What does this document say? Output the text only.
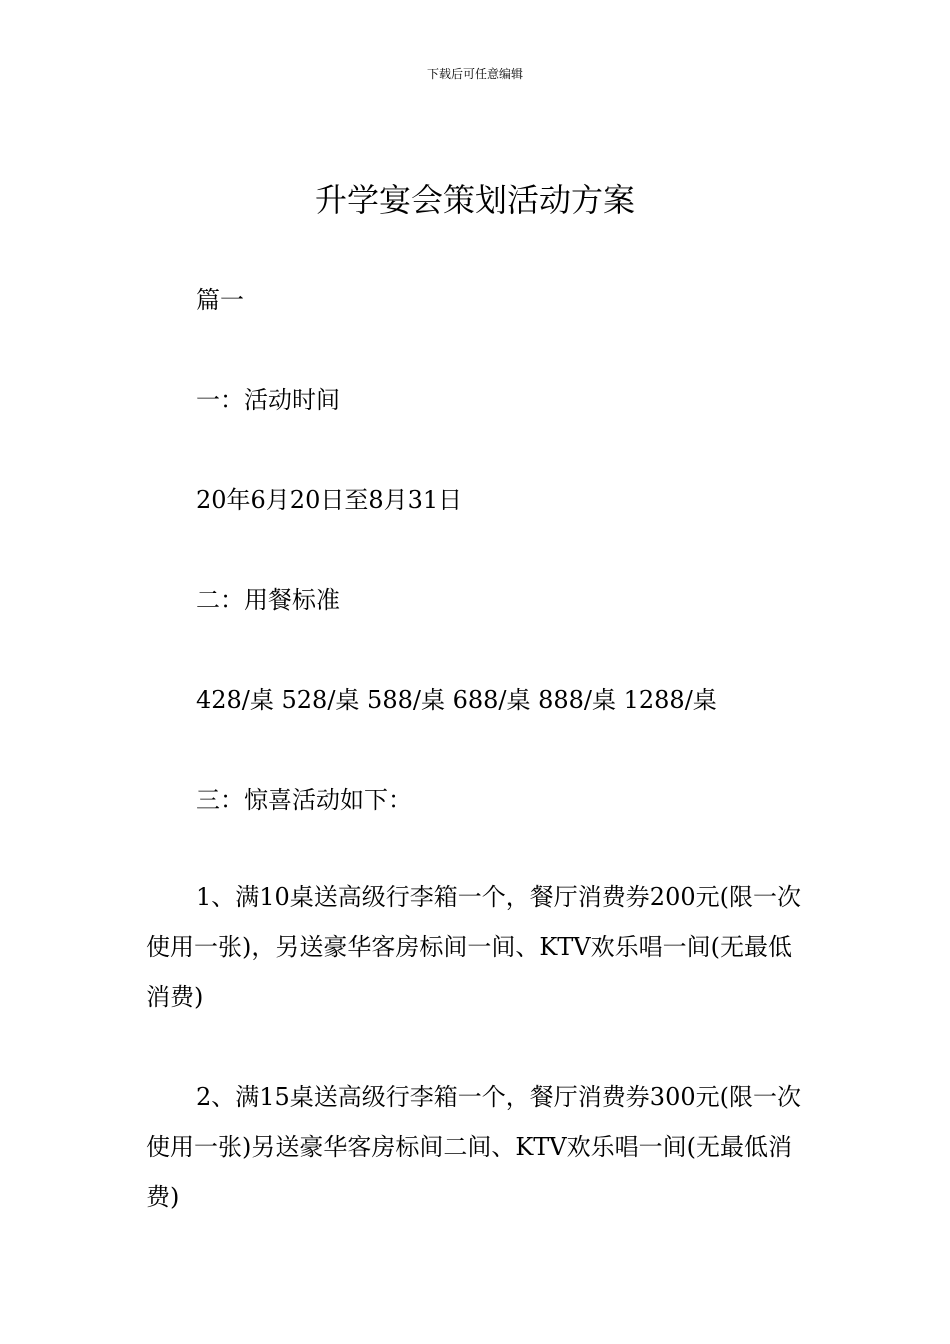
下载后可任意编辑
升学宴会策划活动方案

篇一

一：活动时间

20年6月20日至8月31日

二：用餐标准

428/桌 528/桌 588/桌 688/桌 888/桌 1288/桌

三：惊喜活动如下：

1、满10桌送高级行李箱一个，餐厅消费券200元(限一次使用一张)，另送豪华客房标间一间、KTV欢乐唱一间(无最低消费)

2、满15桌送高级行李箱一个，餐厅消费券300元(限一次使用一张)另送豪华客房标间二间、KTV欢乐唱一间(无最低消费)
